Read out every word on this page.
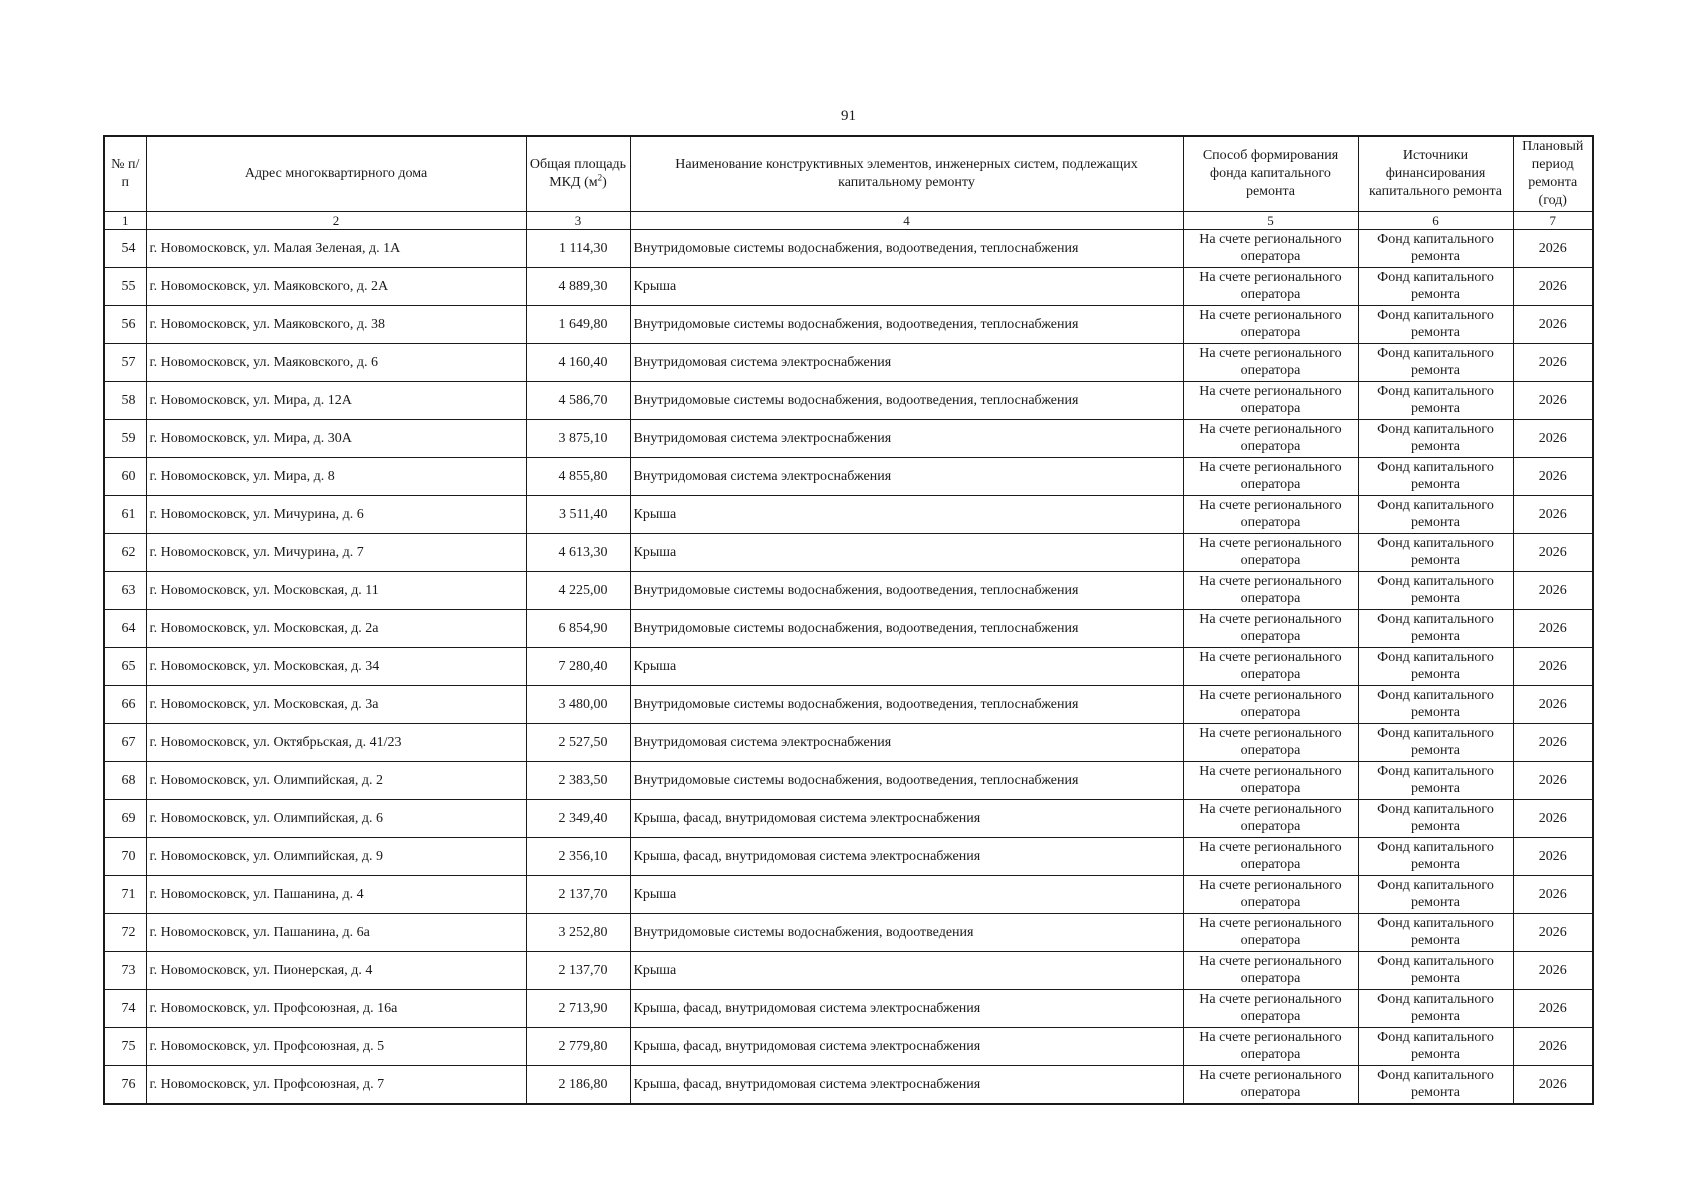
91
№ п/п	Адрес многоквартирного дома	Общая площадь МКД $(м^2)$	Наименование конструктивных элементов, инженерных систем, подлежащих капитальному ремонту	Способ формирования фонда капитального ремонта	Источники финансирования капитального ремонта	Плановый период ремонта (год)
1	2	3	4	5	6	7
54	г. Новомосковск, ул. Малая Зеленая, д. 1А	1 114,30	Внутридомовые системы водоснабжения, водоотведения, теплоснабжения	На счете регионального оператора	Фонд капитального ремонта	2026
55	г. Новомосковск, ул. Маяковского, д. 2А	4 889,30	Крыша	На счете регионального оператора	Фонд капитального ремонта	2026
56	г. Новомосковск, ул. Маяковского, д. 38	1 649,80	Внутридомовые системы водоснабжения, водоотведения, теплоснабжения	На счете регионального оператора	Фонд капитального ремонта	2026
57	г. Новомосковск, ул. Маяковского, д. 6	4 160,40	Внутридомовая система электроснабжения	На счете регионального оператора	Фонд капитального ремонта	2026
58	г. Новомосковск, ул. Мира, д. 12А	4 586,70	Внутридомовые системы водоснабжения, водоотведения, теплоснабжения	На счете регионального оператора	Фонд капитального ремонта	2026
59	г. Новомосковск, ул. Мира, д. 30А	3 875,10	Внутридомовая система электроснабжения	На счете регионального оператора	Фонд капитального ремонта	2026
60	г. Новомосковск, ул. Мира, д. 8	4 855,80	Внутридомовая система электроснабжения	На счете регионального оператора	Фонд капитального ремонта	2026
61	г. Новомосковск, ул. Мичурина, д. 6	3 511,40	Крыша	На счете регионального оператора	Фонд капитального ремонта	2026
62	г. Новомосковск, ул. Мичурина, д. 7	4 613,30	Крыша	На счете регионального оператора	Фонд капитального ремонта	2026
63	г. Новомосковск, ул. Московская, д. 11	4 225,00	Внутридомовые системы водоснабжения, водоотведения, теплоснабжения	На счете регионального оператора	Фонд капитального ремонта	2026
64	г. Новомосковск, ул. Московская, д. 2а	6 854,90	Внутридомовые системы водоснабжения, водоотведения, теплоснабжения	На счете регионального оператора	Фонд капитального ремонта	2026
65	г. Новомосковск, ул. Московская, д. 34	7 280,40	Крыша	На счете регионального оператора	Фонд капитального ремонта	2026
66	г. Новомосковск, ул. Московская, д. 3а	3 480,00	Внутридомовые системы водоснабжения, водоотведения, теплоснабжения	На счете регионального оператора	Фонд капитального ремонта	2026
67	г. Новомосковск, ул. Октябрьская, д. 41/23	2 527,50	Внутридомовая система электроснабжения	На счете регионального оператора	Фонд капитального ремонта	2026
68	г. Новомосковск, ул. Олимпийская, д. 2	2 383,50	Внутридомовые системы водоснабжения, водоотведения, теплоснабжения	На счете регионального оператора	Фонд капитального ремонта	2026
69	г. Новомосковск, ул. Олимпийская, д. 6	2 349,40	Крыша, фасад, внутридомовая система электроснабжения	На счете регионального оператора	Фонд капитального ремонта	2026
70	г. Новомосковск, ул. Олимпийская, д. 9	2 356,10	Крыша, фасад, внутридомовая система электроснабжения	На счете регионального оператора	Фонд капитального ремонта	2026
71	г. Новомосковск, ул. Пашанина, д. 4	2 137,70	Крыша	На счете регионального оператора	Фонд капитального ремонта	2026
72	г. Новомосковск, ул. Пашанина, д. 6а	3 252,80	Внутридомовые системы водоснабжения, водоотведения	На счете регионального оператора	Фонд капитального ремонта	2026
73	г. Новомосковск, ул. Пионерская, д. 4	2 137,70	Крыша	На счете регионального оператора	Фонд капитального ремонта	2026
74	г. Новомосковск, ул. Профсоюзная, д. 16а	2 713,90	Крыша, фасад, внутридомовая система электроснабжения	На счете регионального оператора	Фонд капитального ремонта	2026
75	г. Новомосковск, ул. Профсоюзная, д. 5	2 779,80	Крыша, фасад, внутридомовая система электроснабжения	На счете регионального оператора	Фонд капитального ремонта	2026
76	г. Новомосковск, ул. Профсоюзная, д. 7	2 186,80	Крыша, фасад, внутридомовая система электроснабжения	На счете регионального оператора	Фонд капитального ремонта	2026
